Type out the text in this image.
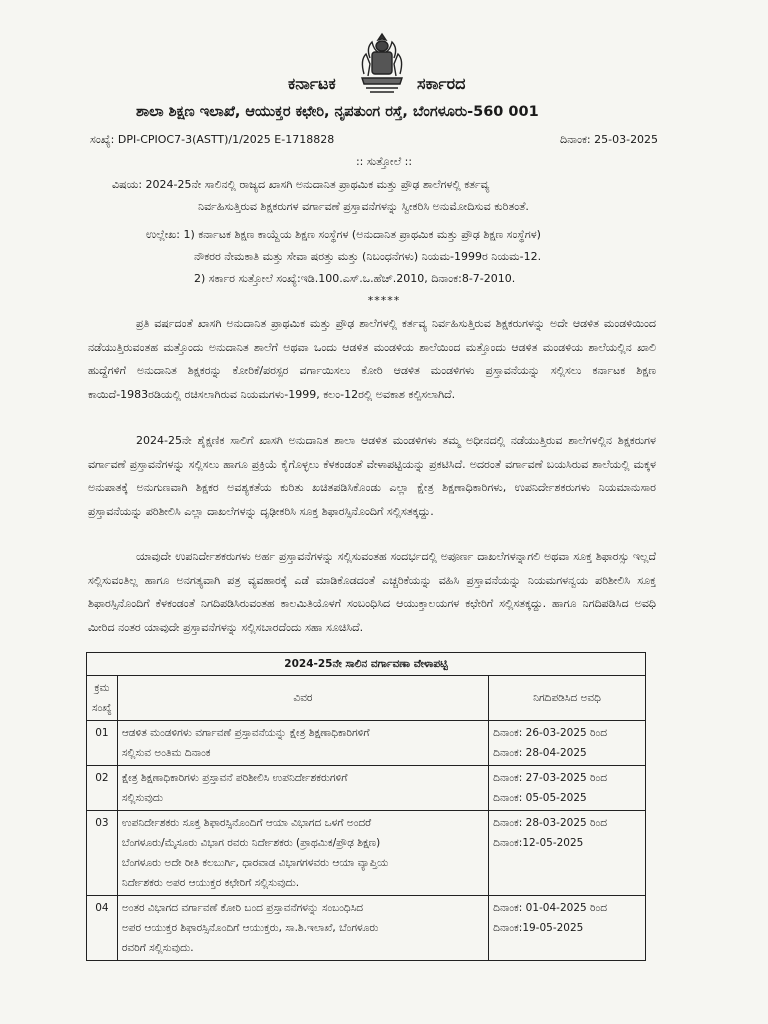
ಕರ್ನಾಟಕ	ಸರ್ಕಾರದ
ಶಾಲಾ ಶಿಕ್ಷಣ ಇಲಾಖೆ, ಆಯುಕ್ತರ ಕಛೇರಿ, ನೃಪತುಂಗ ರಸ್ತೆ, ಬೆಂಗಳೂರು-560 001
ಸಂಖ್ಯೆ: DPI-CPIOC7-3(ASTT)/1/2025 E-1718828	ದಿನಾಂಕ: 25-03-2025
:: ಸುತ್ತೋಲೆ ::
ವಿಷಯ: 2024-25ನೇ ಸಾಲಿನಲ್ಲಿ ರಾಜ್ಯದ ಖಾಸಗಿ ಅನುದಾನಿತ ಪ್ರಾಥಮಿಕ ಮತ್ತು ಪ್ರೌಢ ಶಾಲೆಗಳಲ್ಲಿ ಕರ್ತವ್ಯ
ನಿರ್ವಹಿಸುತ್ತಿರುವ ಶಿಕ್ಷಕರುಗಳ ವರ್ಗಾವಣೆ ಪ್ರಸ್ತಾವನೆಗಳನ್ನು ಸ್ವೀಕರಿಸಿ ಅನುಮೋದಿಸುವ ಕುರಿತಂತೆ.
ಉಲ್ಲೇಖ: 1) ಕರ್ನಾಟಕ ಶಿಕ್ಷಣ ಕಾಯ್ದೆಯ ಶಿಕ್ಷಣ ಸಂಸ್ಥೆಗಳ (ಅನುದಾನಿತ ಪ್ರಾಥಮಿಕ ಮತ್ತು ಪ್ರೌಢ ಶಿಕ್ಷಣ ಸಂಸ್ಥೆಗಳ)
ನೌಕರರ ನೇಮಕಾತಿ ಮತ್ತು ಸೇವಾ ಷರತ್ತು ಮತ್ತು (ನಿಬಂಧನೆಗಳು) ನಿಯಮ-1999ರ ನಿಯಮ-12.
2) ಸರ್ಕಾರ ಸುತ್ತೋಲೆ ಸಂಖ್ಯೆ:ಇಡಿ.100.ಎಸ್.ಒ.ಹೆಚ್.2010, ದಿನಾಂಕ:8-7-2010.
*****
ಪ್ರತಿ ವರ್ಷದಂತೆ ಖಾಸಗಿ ಅನುದಾನಿತ ಪ್ರಾಥಮಿಕ ಮತ್ತು ಪ್ರೌಢ ಶಾಲೆಗಳಲ್ಲಿ ಕರ್ತವ್ಯ ನಿರ್ವಹಿಸುತ್ತಿರುವ ಶಿಕ್ಷಕರುಗಳನ್ನು ಅದೇ ಆಡಳಿತ ಮಂಡಳಿಯಿಂದ ನಡೆಯುತ್ತಿರುವಂತಹ ಮತ್ತೊಂದು ಅನುದಾನಿತ ಶಾಲೆಗೆ ಅಥವಾ ಒಂದು ಆಡಳಿತ ಮಂಡಳಿಯ ಶಾಲೆಯಿಂದ ಮತ್ತೊಂದು ಆಡಳಿತ ಮಂಡಳಿಯ ಶಾಲೆಯಲ್ಲಿನ ಖಾಲಿ ಹುದ್ದೆಗಳಿಗೆ ಅನುದಾನಿತ ಶಿಕ್ಷಕರನ್ನು ಕೋರಿಕೆ/ಪರಸ್ಪರ ವರ್ಗಾಯಿಸಲು ಕೋರಿ ಆಡಳಿತ ಮಂಡಳಿಗಳು ಪ್ರಸ್ತಾವನೆಯನ್ನು ಸಲ್ಲಿಸಲು ಕರ್ನಾಟಕ ಶಿಕ್ಷಣ ಕಾಯಿದೆ-1983ರಡಿಯಲ್ಲಿ ರಚಿಸಲಾಗಿರುವ ನಿಯಮಗಳು-1999, ಕಲಂ-12ರಲ್ಲಿ ಅವಕಾಶ ಕಲ್ಪಿಸಲಾಗಿದೆ.
2024-25ನೇ ಶೈಕ್ಷಣಿಕ ಸಾಲಿಗೆ ಖಾಸಗಿ ಅನುದಾನಿತ ಶಾಲಾ ಆಡಳಿತ ಮಂಡಳಿಗಳು ತಮ್ಮ ಅಧೀನದಲ್ಲಿ ನಡೆಯುತ್ತಿರುವ ಶಾಲೆಗಳಲ್ಲಿನ ಶಿಕ್ಷಕರುಗಳ ವರ್ಗಾವಣೆ ಪ್ರಸ್ತಾವನೆಗಳನ್ನು ಸಲ್ಲಿಸಲು ಹಾಗೂ ಪ್ರಕ್ರಿಯೆ ಕೈಗೊಳ್ಳಲು ಕೆಳಕಂಡಂತೆ ವೇಳಾಪಟ್ಟಿಯನ್ನು ಪ್ರಕಟಿಸಿದೆ. ಅದರಂತೆ ವರ್ಗಾವಣೆ ಬಯಸಿರುವ ಶಾಲೆಯಲ್ಲಿ ಮಕ್ಕಳ ಅನುಪಾತಕ್ಕೆ ಅನುಗುಣವಾಗಿ ಶಿಕ್ಷಕರ ಅವಶ್ಯಕತೆಯ ಕುರಿತು ಖಚಿತಪಡಿಸಿಕೊಂಡು ಎಲ್ಲಾ ಕ್ಷೇತ್ರ ಶಿಕ್ಷಣಾಧಿಕಾರಿಗಳು, ಉಪನಿರ್ದೇಶಕರುಗಳು ನಿಯಮಾನುಸಾರ ಪ್ರಸ್ತಾವನೆಯನ್ನು ಪರಿಶೀಲಿಸಿ ಎಲ್ಲಾ ದಾಖಲೆಗಳನ್ನು ದೃಢೀಕರಿಸಿ ಸೂಕ್ತ ಶಿಫಾರಸ್ಸಿನೊಂದಿಗೆ ಸಲ್ಲಿಸತಕ್ಕದ್ದು.
ಯಾವುದೇ ಉಪನಿರ್ದೇಶಕರುಗಳು ಅರ್ಹ ಪ್ರಸ್ತಾವನೆಗಳನ್ನು ಸಲ್ಲಿಸುವಂತಹ ಸಂದರ್ಭದಲ್ಲಿ ಅಪೂರ್ಣ ದಾಖಲೆಗಳನ್ನಾಗಲಿ ಅಥವಾ ಸೂಕ್ತ ಶಿಫಾರಸ್ಸು ಇಲ್ಲದೆ ಸಲ್ಲಿಸುವಂತಿಲ್ಲ ಹಾಗೂ ಅನಗತ್ಯವಾಗಿ ಪತ್ರ ವ್ಯವಹಾರಕ್ಕೆ ಎಡೆ ಮಾಡಿಕೊಡದಂತೆ ಎಚ್ಚರಿಕೆಯನ್ನು ವಹಿಸಿ ಪ್ರಸ್ತಾವನೆಯನ್ನು ನಿಯಮಗಳನ್ವಯ ಪರಿಶೀಲಿಸಿ ಸೂಕ್ತ ಶಿಫಾರಸ್ಸಿನೊಂದಿಗೆ ಕೆಳಕಂಡಂತೆ ನಿಗದಿಪಡಿಸಿರುವಂತಹ ಕಾಲಮಿತಿಯೊಳಗೆ ಸಂಬಂಧಿಸಿದ ಆಯುಕ್ತಾಲಯಗಳ ಕಛೇರಿಗೆ ಸಲ್ಲಿಸತಕ್ಕದ್ದು. ಹಾಗೂ ನಿಗದಿಪಡಿಸಿದ ಅವಧಿ ಮೀರಿದ ನಂತರ ಯಾವುದೇ ಪ್ರಸ್ತಾವನೆಗಳನ್ನು ಸಲ್ಲಿಸಬಾರದೆಂದು ಸಹಾ ಸೂಚಿಸಿದೆ.
2024-25ನೇ ಸಾಲಿನ ವರ್ಗಾವಣಾ ವೇಳಾಪಟ್ಟಿ		
ಕ್ರಮ
ಸಂಖ್ಯೆ	ವಿವರ	ನಿಗದಿಪಡಿಸಿದ ಅವಧಿ
01	ಆಡಳಿತ ಮಂಡಳಿಗಳು ವರ್ಗಾವಣೆ ಪ್ರಸ್ತಾವನೆಯನ್ನು ಕ್ಷೇತ್ರ ಶಿಕ್ಷಣಾಧಿಕಾರಿಗಳಿಗೆ
ಸಲ್ಲಿಸುವ ಅಂತಿಮ ದಿನಾಂಕ	ದಿನಾಂಕ: 26-03-2025 ರಿಂದ
ದಿನಾಂಕ: 28-04-2025

02	ಕ್ಷೇತ್ರ ಶಿಕ್ಷಣಾಧಿಕಾರಿಗಳು ಪ್ರಸ್ತಾವನೆ ಪರಿಶೀಲಿಸಿ ಉಪನಿರ್ದೇಶಕರುಗಳಿಗೆ
ಸಲ್ಲಿಸುವುದು	ದಿನಾಂಕ: 27-03-2025 ರಿಂದ
ದಿನಾಂಕ: 05-05-2025

03	ಉಪನಿರ್ದೇಶಕರು ಸೂಕ್ತ ಶಿಫಾರಸ್ಸಿನೊಂದಿಗೆ ಆಯಾ ವಿಭಾಗದ ಒಳಗೆ ಅಂದರೆ
ಬೆಂಗಳೂರು/ಮೈಸೂರು ವಿಭಾಗ ರವರು ನಿರ್ದೇಶಕರು (ಪ್ರಾಥಮಿಕ/ಪ್ರೌಢ ಶಿಕ್ಷಣ)
ಬೆಂಗಳೂರು ಅದೇ ರೀತಿ ಕಲಬುರ್ಗಿ, ಧಾರವಾಡ ವಿಭಾಗಗಳವರು ಆಯಾ ವ್ಯಾಪ್ತಿಯ
ನಿರ್ದೇಶಕರು ಅಪರ ಆಯುಕ್ತರ ಕಛೇರಿಗೆ ಸಲ್ಲಿಸುವುದು.	ದಿನಾಂಕ: 28-03-2025 ರಿಂದ
ದಿನಾಂಕ:12-05-2025

04	ಅಂತರ ವಿಭಾಗದ ವರ್ಗಾವಣೆ ಕೋರಿ ಬಂದ ಪ್ರಸ್ತಾವನೆಗಳನ್ನು ಸಂಬಂಧಿಸಿದ
ಅಪರ ಆಯುಕ್ತರ ಶಿಫಾರಸ್ಸಿನೊಂದಿಗೆ ಆಯುಕ್ತರು, ಸಾ.ಶಿ.ಇಲಾಖೆ, ಬೆಂಗಳೂರು
ರವರಿಗೆ ಸಲ್ಲಿಸುವುದು.	ದಿನಾಂಕ: 01-04-2025 ರಿಂದ
ದಿನಾಂಕ:19-05-2025
